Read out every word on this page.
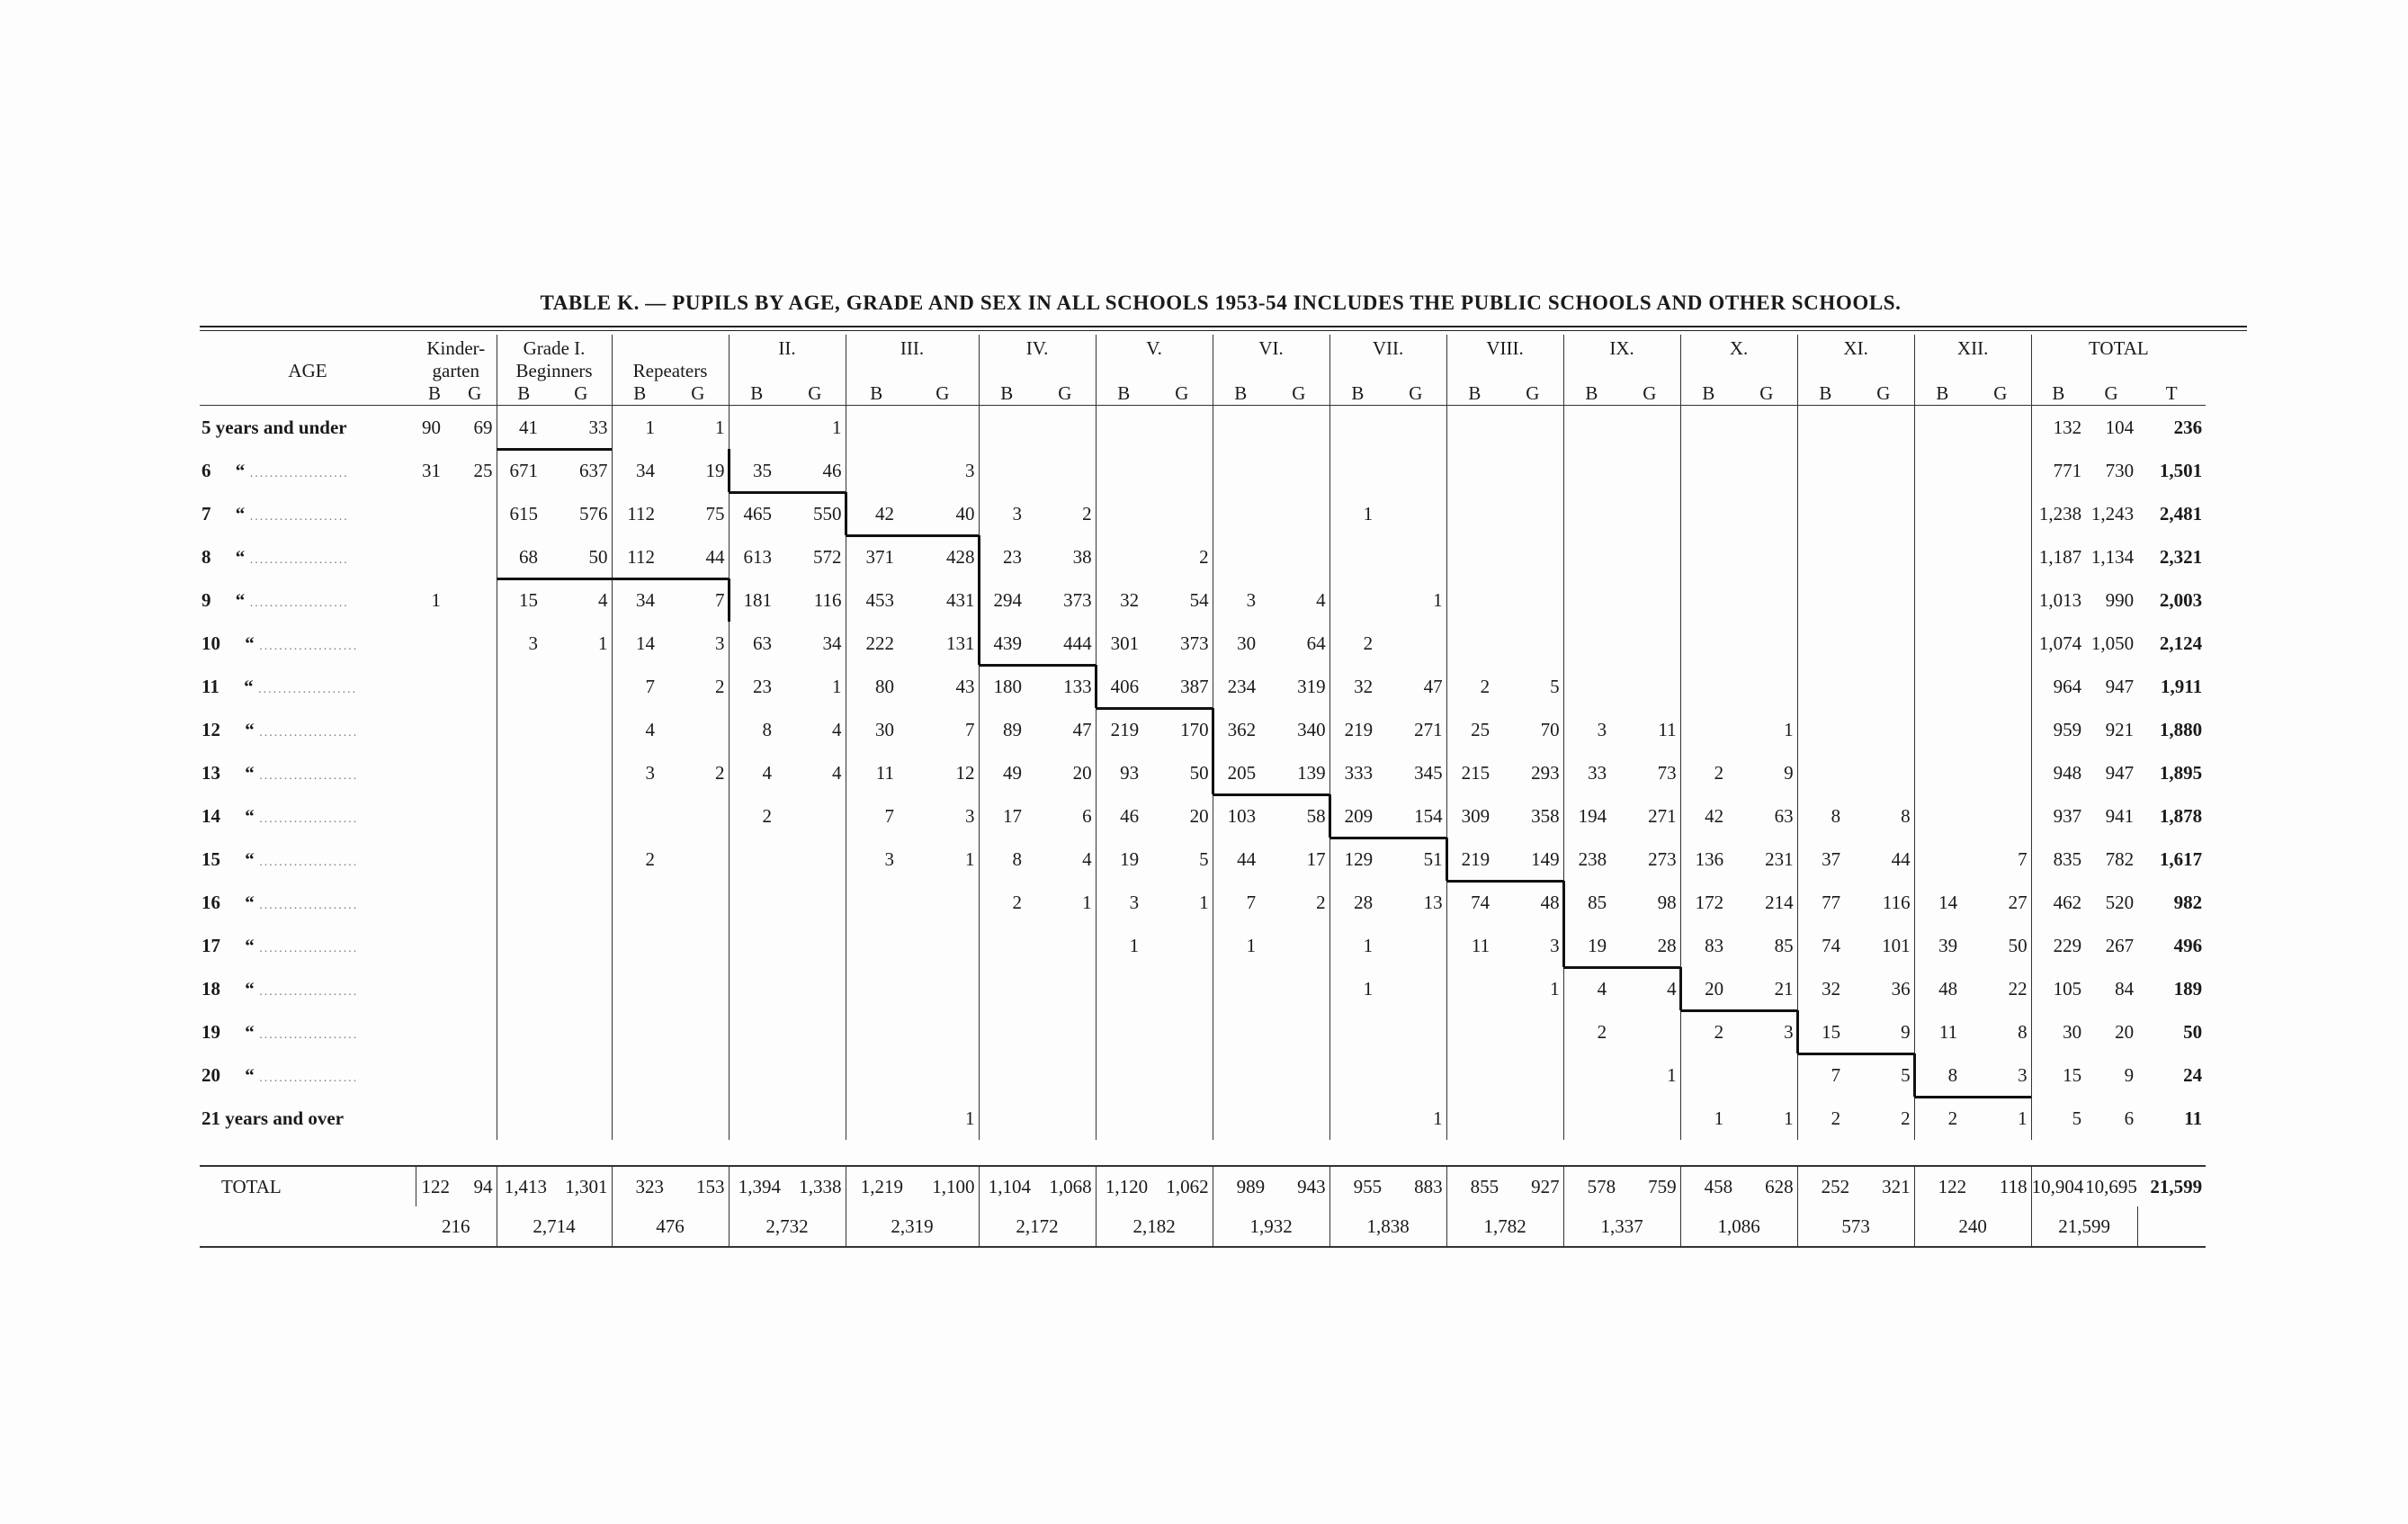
TABLE K. — PUPILS BY AGE, GRADE AND SEX IN ALL SCHOOLS 1953-54 INCLUDES THE PUBLIC SCHOOLS AND OTHER SCHOOLS.
	Kinder-		Grade I.				II.		III.		IV.		V.		VI.		VII.		VIII.		IX.		X.		XI.		XII.		TOTAL		
AGE	garten		Beginners		Repeaters																										
	B	G	B	G	B	G	B	G	B	G	B	G	B	G	B	G	B	G	B	G	B	G	B	G	B	G	B	G	B	G	T
5 years and under	90	69	41	33	1	1		1																					132	104	236
6 “ ....................	31	25	671	637	34	19	35	46		3																			771	730	1,501
7 “ ....................			615	576	112	75	465	550	42	40	3	2					1												1,238	1,243	2,481
8 “ ....................			68	50	112	44	613	572	371	428	23	38		2															1,187	1,134	2,321
9 “ ....................	1		15	4	34	7	181	116	453	431	294	373	32	54	3	4		1											1,013	990	2,003
10 “ ....................			3	1	14	3	63	34	222	131	439	444	301	373	30	64	2												1,074	1,050	2,124
11 “ ....................					7	2	23	1	80	43	180	133	406	387	234	319	32	47	2	5									964	947	1,911
12 “ ....................					4		8	4	30	7	89	47	219	170	362	340	219	271	25	70	3	11		1					959	921	1,880
13 “ ....................					3	2	4	4	11	12	49	20	93	50	205	139	333	345	215	293	33	73	2	9					948	947	1,895
14 “ ....................							2		7	3	17	6	46	20	103	58	209	154	309	358	194	271	42	63	8	8			937	941	1,878
15 “ ....................					2				3	1	8	4	19	5	44	17	129	51	219	149	238	273	136	231	37	44		7	835	782	1,617
16 “ ....................											2	1	3	1	7	2	28	13	74	48	85	98	172	214	77	116	14	27	462	520	982
17 “ ....................													1		1		1		11	3	19	28	83	85	74	101	39	50	229	267	496
18 “ ....................																	1			1	4	4	20	21	32	36	48	22	105	84	189
19 “ ....................																					2		2	3	15	9	11	8	30	20	50
20 “ ....................																						1			7	5	8	3	15	9	24
21 years and over										1								1					1	1	2	2	2	1	5	6	11

TOTAL	122	94	1,413	1,301	323	153	1,394	1,338	1,219	1,100	1,104	1,068	1,120	1,062	989	943	955	883	855	927	578	759	458	628	252	321	122	118	10,904	10,695	21,599
	216		2,714		476		2,732		2,319		2,172		2,182		1,932		1,838		1,782		1,337		1,086		573		240		21,599		
